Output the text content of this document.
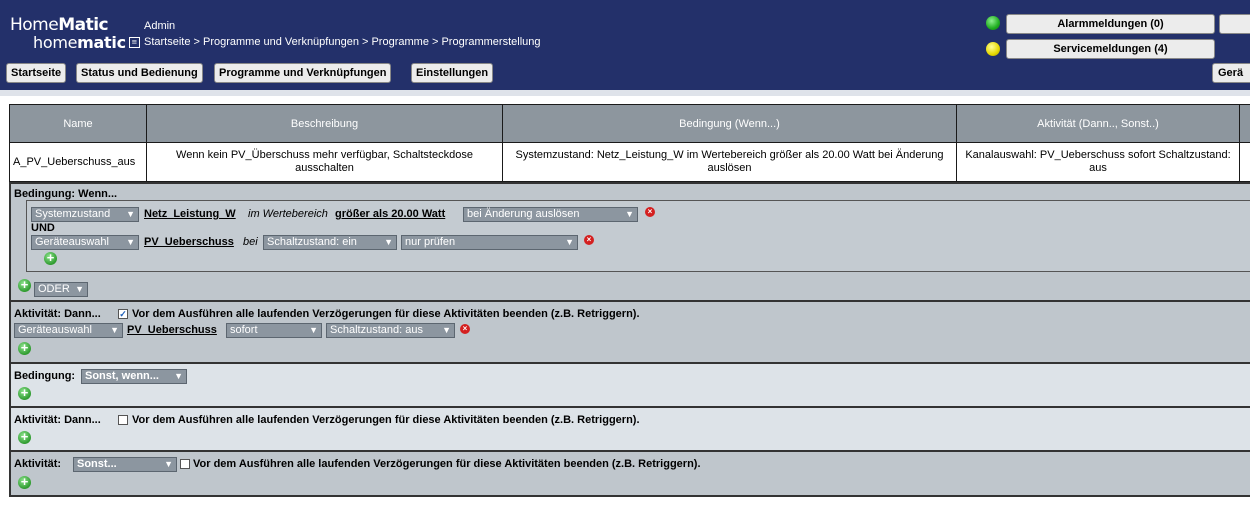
HomeMatic
homematic ≡
Admin
Startseite > Programme und Verknüpfungen > Programme > Programmerstellung
Startseite	Status und Bedienung	Programme und Verknüpfungen	Einstellungen
Alarmmeldungen (0)
Servicemeldungen (4)
Gerä
Name	Beschreibung	Bedingung (Wenn...)	Aktivität (Dann.., Sonst..)	
A_PV_Ueberschuss_aus	Wenn kein PV_Überschuss mehr verfügbar, Schaltsteckdose ausschalten	Systemzustand: Netz_Leistung_W im Wertebereich größer als 20.00 Watt bei Änderung auslösen	Kanalauswahl: PV_Ueberschuss sofort Schaltzustand: aus	
Bedingung: Wenn...
Systemzustand ▼ Netz_Leistung_W im Wertebereich größer als 20.00 Watt	bei Änderung auslösen	▼	×
UND
Geräteauswahl ▼ PV_Ueberschuss bei Schaltzustand: ein	▼	nur prüfen	▼	×
+
+ ODER ▼
Aktivität: Dann... ✓ Vor dem Ausführen alle laufenden Verzögerungen für diese Aktivitäten beenden (z.B. Retriggern).
Geräteauswahl ▼ PV_Ueberschuss	sofort	▼	Schaltzustand: aus ▼	×
+
Bedingung: Sonst, wenn... ▼
+
Aktivität: Dann...	Vor dem Ausführen alle laufenden Verzögerungen für diese Aktivitäten beenden (z.B. Retriggern).
+
Aktivität:	Sonst...	▼ Vor dem Ausführen alle laufenden Verzögerungen für diese Aktivitäten beenden (z.B. Retriggern).
+
